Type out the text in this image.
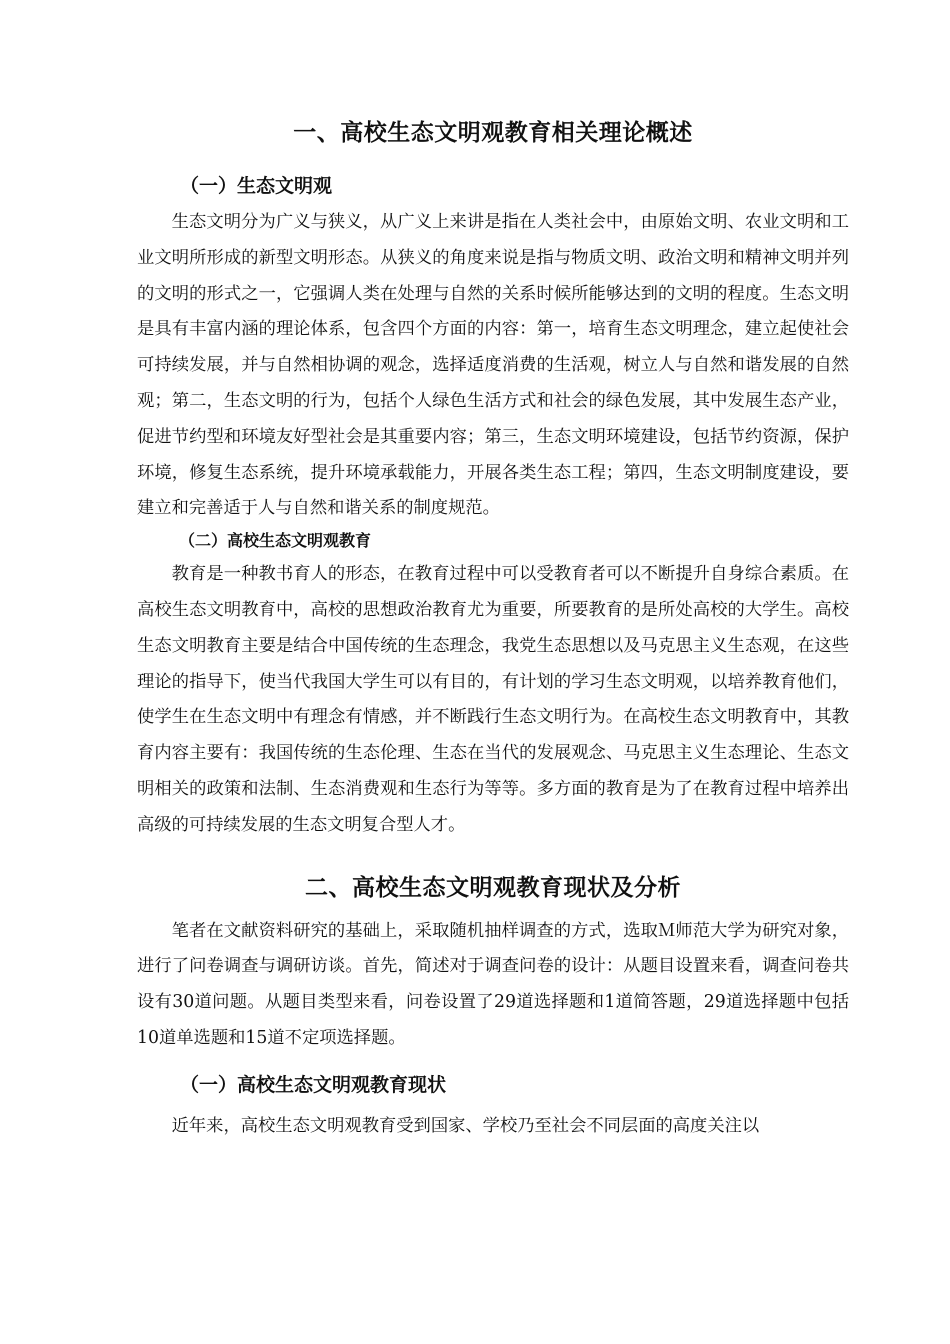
一、高校生态文明观教育相关理论概述
（一）生态文明观

生态文明分为广义与狭义，从广义上来讲是指在人类社会中，由原始文明、农业文明和工业文明所形成的新型文明形态。从狭义的角度来说是指与物质文明、政治文明和精神文明并列的文明的形式之一，它强调人类在处理与自然的关系时候所能够达到的文明的程度。生态文明是具有丰富内涵的理论体系，包含四个方面的内容：第一，培育生态文明理念，建立起使社会可持续发展，并与自然相协调的观念，选择适度消费的生活观，树立人与自然和谐发展的自然观；第二，生态文明的行为，包括个人绿色生活方式和社会的绿色发展，其中发展生态产业，促进节约型和环境友好型社会是其重要内容；第三，生态文明环境建设，包括节约资源，保护环境，修复生态系统，提升环境承载能力，开展各类生态工程；第四，生态文明制度建设，要建立和完善适于人与自然和谐关系的制度规范。

（二）高校生态文明观教育

教育是一种教书育人的形态，在教育过程中可以受教育者可以不断提升自身综合素质。在高校生态文明教育中，高校的思想政治教育尤为重要，所要教育的是所处高校的大学生。高校生态文明教育主要是结合中国传统的生态理念，我党生态思想以及马克思主义生态观，在这些理论的指导下，使当代我国大学生可以有目的，有计划的学习生态文明观，以培养教育他们，使学生在生态文明中有理念有情感，并不断践行生态文明行为。在高校生态文明教育中，其教育内容主要有：我国传统的生态伦理、生态在当代的发展观念、马克思主义生态理论、生态文明相关的政策和法制、生态消费观和生态行为等等。多方面的教育是为了在教育过程中培养出高级的可持续发展的生态文明复合型人才。

二、高校生态文明观教育现状及分析

笔者在文献资料研究的基础上，采取随机抽样调查的方式，选取Ｍ师范大学为研究对象，进行了问卷调查与调研访谈。首先，简述对于调查问卷的设计：从题目设置来看，调查问卷共设有30道问题。从题目类型来看，问卷设置了29道选择题和1道简答题，29道选择题中包括10道单选题和15道不定项选择题。

（一）高校生态文明观教育现状

近年来，高校生态文明观教育受到国家、学校乃至社会不同层面的高度关注以
